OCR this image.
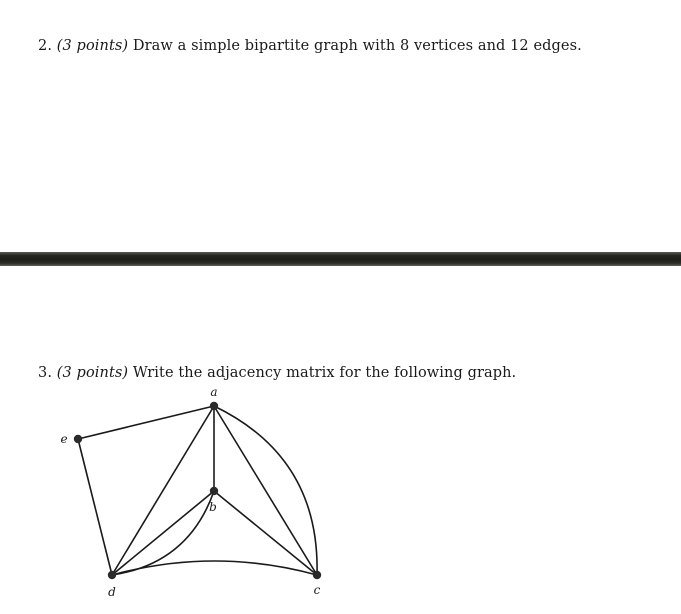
2. (3 points) Draw a simple bipartite graph with 8 vertices and 12 edges.
3. (3 points) Write the adjacency matrix for the following graph.
a
b
c
d
e
